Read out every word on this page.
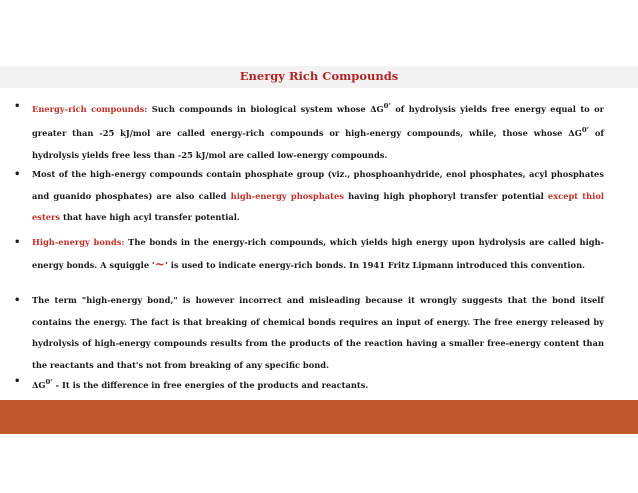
Energy Rich Compounds
• Energy-rich compounds: Such compounds in biological system whose $\Delta G^{0’}$ of hydrolysis yields free energy equal to or greater than -25 kJ/mol are called energy-rich compounds or high-energy compounds, while, those whose $\Delta G^{0’}$ of hydrolysis yields free less than -25 kJ/mol are called low-energy compounds.
• Most of the high-energy compounds contain phosphate group (viz., phosphoanhydride, enol phosphates, acyl phosphates and guanido phosphates) are also called high-energy phosphates having high phophoryl transfer potential except thiol esters that have high acyl transfer potential.
• High-energy bonds: The bonds in the energy-rich compounds, which yields high energy upon hydrolysis are called high-energy bonds. A squiggle ‘~’ is used to indicate energy-rich bonds. In 1941 Fritz Lipmann introduced this convention.
• The term "high-energy bond," is however incorrect and misleading because it wrongly suggests that the bond itself contains the energy. The fact is that breaking of chemical bonds requires an input of energy. The free energy released by hydrolysis of high-energy compounds results from the products of the reaction having a smaller free-energy content than the reactants and that's not from breaking of any specific bond.
• $\Delta G^{0’}$ - It is the difference in free energies of the products and reactants.
